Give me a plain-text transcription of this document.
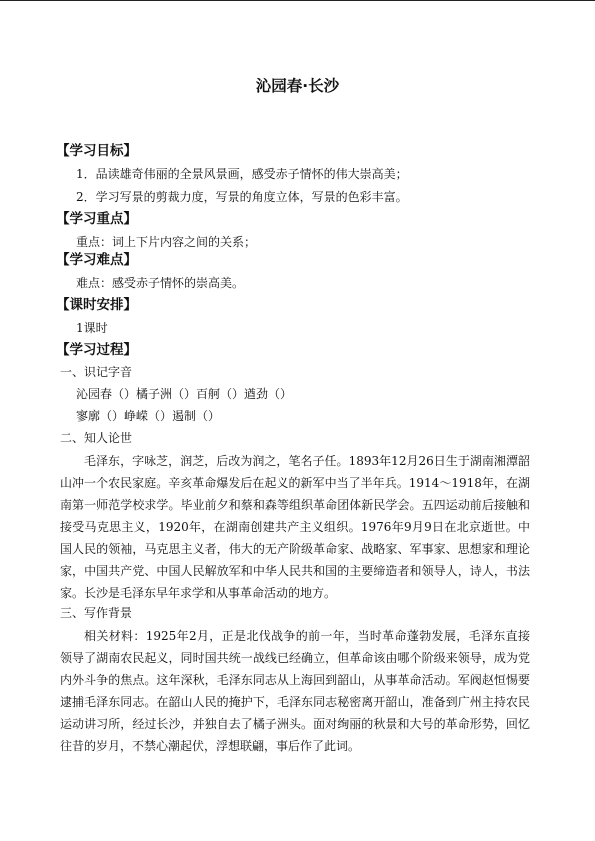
沁园春·长沙
【学习目标】
1．品读雄奇伟丽的全景风景画，感受赤子情怀的伟大崇高美；
2．学习写景的剪裁力度，写景的角度立体，写景的色彩丰富。
【学习重点】
重点：词上下片内容之间的关系；
【学习难点】
难点：感受赤子情怀的崇高美。
【课时安排】
1课时
【学习过程】
一、识记字音
沁园春（）橘子洲（）百舸（）遒劲（）
寥廓（）峥嵘（）遏制（）
二、知人论世
毛泽东，字咏芝，润芝，后改为润之，笔名子任。1893年12月26日生于湖南湘潭韶山冲一个农民家庭。辛亥革命爆发后在起义的新军中当了半年兵。1914～1918年，在湖南第一师范学校求学。毕业前夕和蔡和森等组织革命团体新民学会。五四运动前后接触和接受马克思主义，1920年，在湖南创建共产主义组织。1976年9月9日在北京逝世。中国人民的领袖，马克思主义者，伟大的无产阶级革命家、战略家、军事家、思想家和理论家，中国共产党、中国人民解放军和中华人民共和国的主要缔造者和领导人，诗人，书法家。长沙是毛泽东早年求学和从事革命活动的地方。
三、写作背景
相关材料：1925年2月，正是北伐战争的前一年，当时革命蓬勃发展，毛泽东直接领导了湖南农民起义，同时国共统一战线已经确立，但革命该由哪个阶级来领导，成为党内外斗争的焦点。这年深秋，毛泽东同志从上海回到韶山，从事革命活动。军阀赵恒惕要逮捕毛泽东同志。在韶山人民的掩护下，毛泽东同志秘密离开韶山，准备到广州主持农民运动讲习所，经过长沙，并独自去了橘子洲头。面对绚丽的秋景和大号的革命形势，回忆往昔的岁月，不禁心潮起伏，浮想联翩，事后作了此词。
